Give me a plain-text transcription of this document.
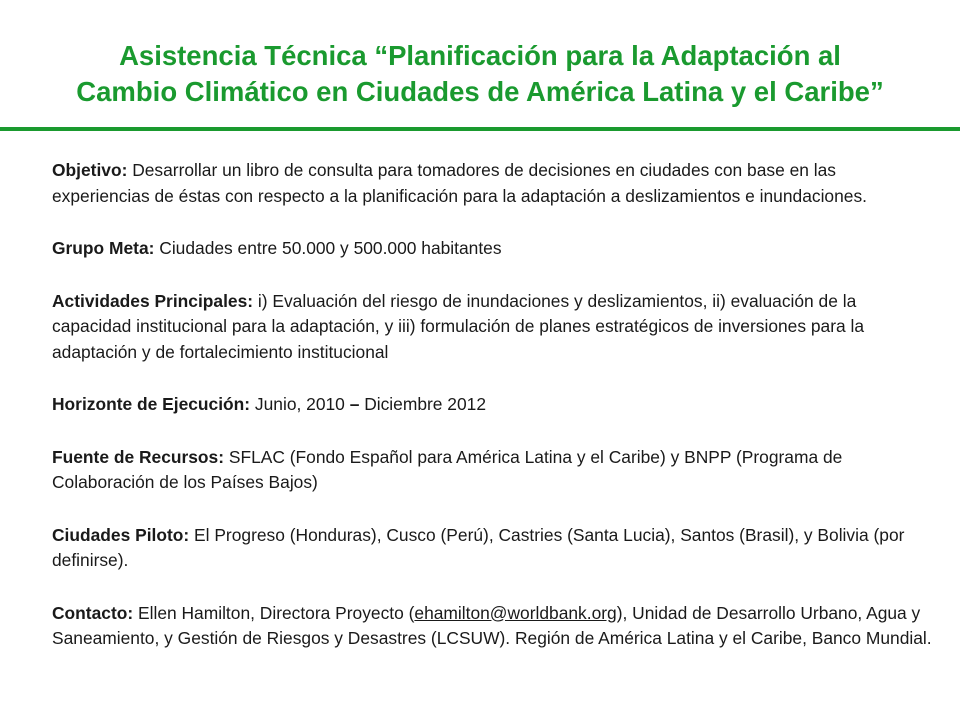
Asistencia Técnica “Planificación para la Adaptación al
Cambio Climático en Ciudades de América Latina y el Caribe”

Objetivo: Desarrollar un libro de consulta para tomadores de decisiones en ciudades con base en las experiencias de éstas con respecto a la planificación para la adaptación a deslizamientos e inundaciones.

Grupo Meta: Ciudades entre 50.000 y 500.000 habitantes

Actividades Principales: i) Evaluación del riesgo de inundaciones y deslizamientos, ii) evaluación de la capacidad institucional para la adaptación, y iii) formulación de planes estratégicos de inversiones para la adaptación y de fortalecimiento institucional

Horizonte de Ejecución: Junio, 2010 – Diciembre 2012

Fuente de Recursos: SFLAC (Fondo Español para América Latina y el Caribe) y BNPP (Programa de Colaboración de los Países Bajos)

Ciudades Piloto: El Progreso (Honduras), Cusco (Perú), Castries (Santa Lucia), Santos (Brasil), y Bolivia (por definirse).

Contacto: Ellen Hamilton, Directora Proyecto (ehamilton@worldbank.org), Unidad de Desarrollo Urbano, Agua y Saneamiento, y Gestión de Riesgos y Desastres (LCSUW). Región de América Latina y el Caribe, Banco Mundial.
